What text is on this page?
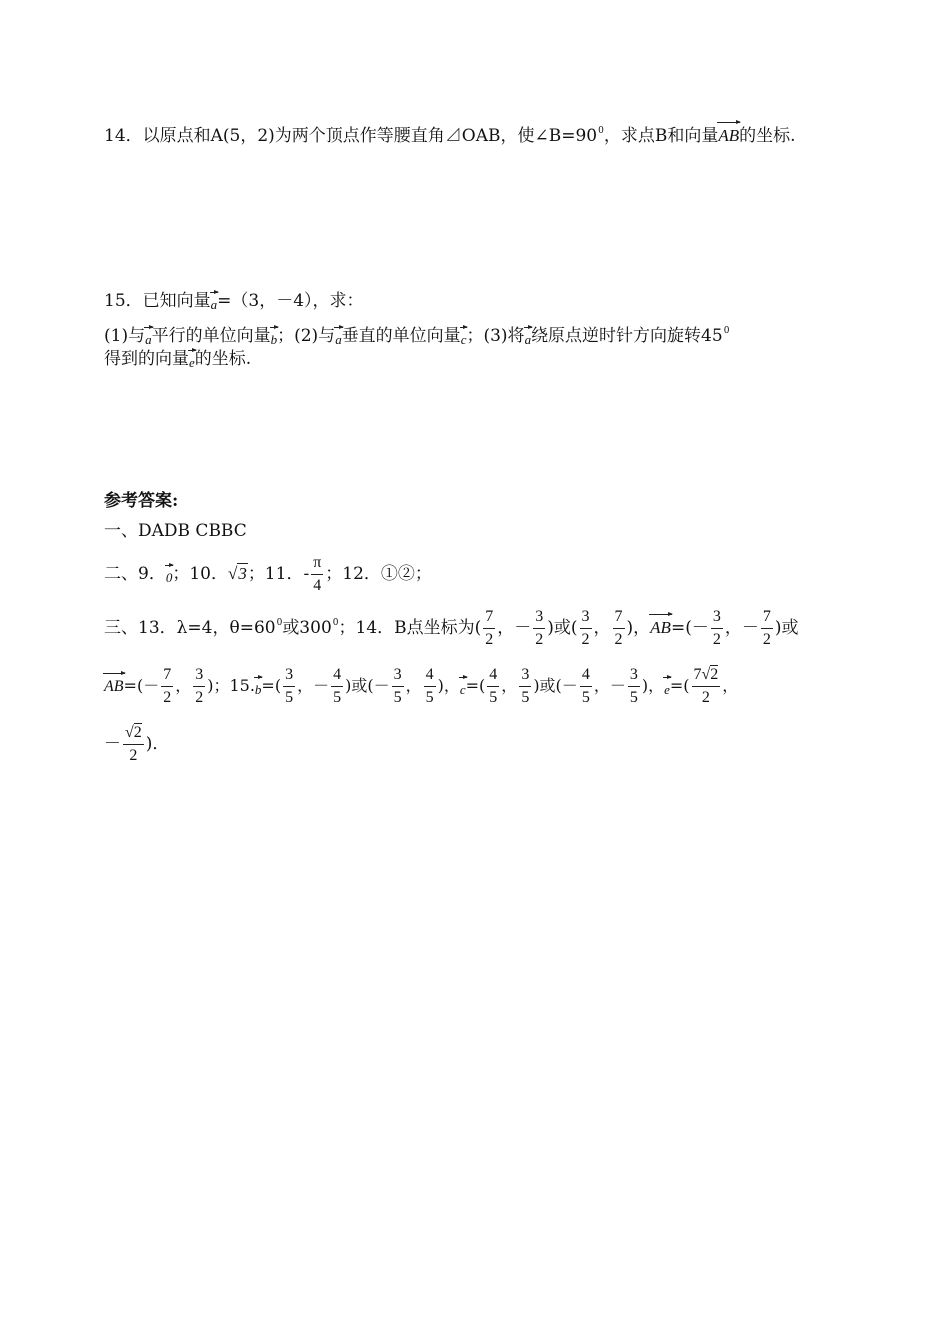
14．以原点和A(5，2)为两个顶点作等腰直角⊿OAB，使$\angle B=90^0$，求点B和向量
AB的坐标.
15．已知向量
a=（3，－4），求：
(1)与
a平行的单位向量
b；(2)与
a垂直的单位向量
c；(3)将
a绕原点逆时针方向旋转$45^0$
得到的向量
e的坐标.
参考答案:
一、DADB CBBC
二、9．
0；10．√3；11．- $\frac{\pi}{4}$ ；12．①②；
三、13．λ=4，$\theta=60^0$或$300^0$；14．B点坐标为( $\frac{7}{2}$ ，－ $\frac{3}{2}$ )或( $\frac{3}{2}$ ， $\frac{7}{2}$ )，
$AB=(- \frac{3}{2}$ ，－ $\frac{7}{2}$ )或
$AB=(- \frac{7}{2}$ ， $\frac{3}{2}$ )；15.
$b=( \frac{3}{5}$ ，－ $\frac{4}{5}$ )或(－ $\frac{3}{5}$ ， $\frac{4}{5}$ )，
$c=( \frac{4}{5}$ ， $\frac{3}{5}$ )或(－ $\frac{4}{5}$ ，－ $\frac{3}{5}$ )，
$e=( \frac{7√2}{2}$ ，
－ $\frac{√2}{2}$ )．
